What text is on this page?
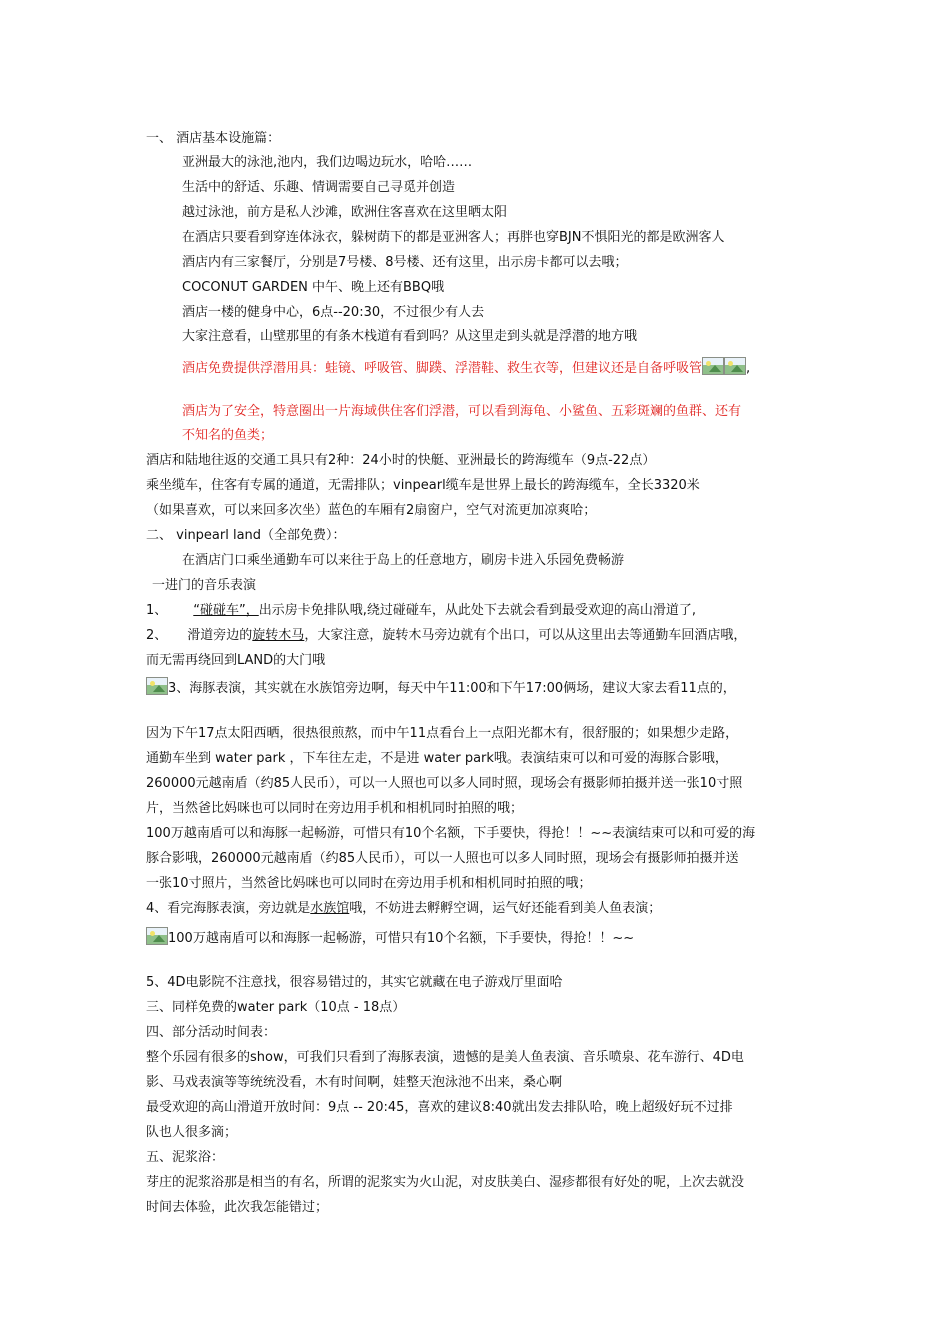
一、 酒店基本设施篇：
亚洲最大的泳池,池内，我们边喝边玩水，哈哈……
生活中的舒适、乐趣、情调需要自己寻觅并创造
越过泳池，前方是私人沙滩，欧洲住客喜欢在这里晒太阳
在酒店只要看到穿连体泳衣，躲树荫下的都是亚洲客人；再胖也穿BJN不惧阳光的都是欧洲客人
酒店内有三家餐厅，分别是7号楼、8号楼、还有这里，出示房卡都可以去哦；
COCONUT GARDEN 中午、晚上还有BBQ哦
酒店一楼的健身中心，6点--20:30，不过很少有人去
大家注意看，山壁那里的有条木栈道有看到吗？从这里走到头就是浮潜的地方哦
酒店免费提供浮潜用具：蛙镜、呼吸管、脚蹼、浮潜鞋、救生衣等，但建议还是自备呼吸管	,
酒店为了安全，特意圈出一片海域供住客们浮潜，可以看到海龟、小鲨鱼、五彩斑斓的鱼群、还有
不知名的鱼类；
酒店和陆地往返的交通工具只有2种：24小时的快艇、亚洲最长的跨海缆车（9点-22点）
乘坐缆车，住客有专属的通道，无需排队；vinpearl缆车是世界上最长的跨海缆车，全长3320米
（如果喜欢，可以来回多次坐）蓝色的车厢有2扇窗户，空气对流更加凉爽哈；
二、 vinpearl land（全部免费）：
在酒店门口乘坐通勤车可以来往于岛上的任意地方，刷房卡进入乐园免费畅游
一进门的音乐表演
1、 “碰碰车”，出示房卡免排队哦,绕过碰碰车，从此处下去就会看到最受欢迎的高山滑道了,
2、 滑道旁边的旋转木马，大家注意，旋转木马旁边就有个出口，可以从这里出去等通勤车回酒店哦，
而无需再绕回到LAND的大门哦
3、海豚表演，其实就在水族馆旁边啊，每天中午11:00和下午17:00俩场，建议大家去看11点的，
因为下午17点太阳西晒，很热很煎熬，而中午11点看台上一点阳光都木有，很舒服的；如果想少走路，
通勤车坐到 water park ，下车往左走，不是进 water park哦。表演结束可以和可爱的海豚合影哦，
260000元越南盾（约85人民币），可以一人照也可以多人同时照，现场会有摄影师拍摄并送一张10寸照
片，当然爸比妈咪也可以同时在旁边用手机和相机同时拍照的哦；
100万越南盾可以和海豚一起畅游，可惜只有10个名额，下手要快，得抢！！~~表演结束可以和可爱的海
豚合影哦，260000元越南盾（约85人民币），可以一人照也可以多人同时照，现场会有摄影师拍摄并送
一张10寸照片，当然爸比妈咪也可以同时在旁边用手机和相机同时拍照的哦；
4、看完海豚表演，旁边就是水族馆哦，不妨进去孵孵空调，运气好还能看到美人鱼表演；
100万越南盾可以和海豚一起畅游，可惜只有10个名额，下手要快，得抢！！~~
5、4D电影院不注意找，很容易错过的，其实它就藏在电子游戏厅里面哈
三、同样免费的water park（10点 - 18点）
四、部分活动时间表：
整个乐园有很多的show，可我们只看到了海豚表演，遗憾的是美人鱼表演、音乐喷泉、花车游行、4D电
影、马戏表演等等统统没看，木有时间啊，娃整天泡泳池不出来，桑心啊
最受欢迎的高山滑道开放时间：9点 -- 20:45，喜欢的建议8:40就出发去排队哈，晚上超级好玩不过排
队也人很多滴；
五、泥浆浴：
芽庄的泥浆浴那是相当的有名，所谓的泥浆实为火山泥，对皮肤美白、湿疹都很有好处的呢，上次去就没
时间去体验，此次我怎能错过；
